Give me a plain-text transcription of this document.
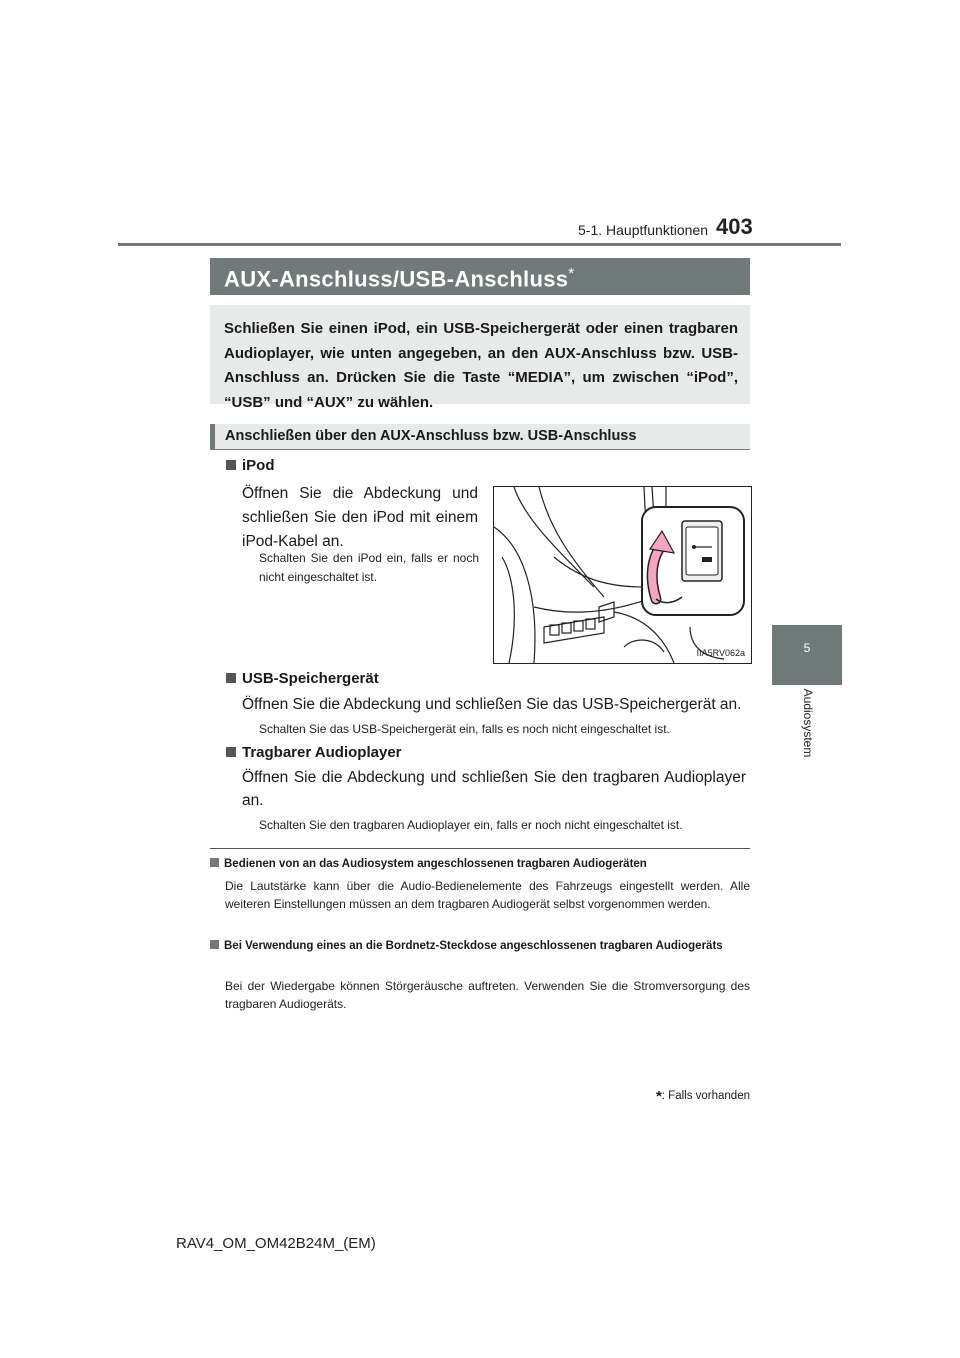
5-1. Hauptfunktionen 403
5
Audiosystem
AUX-Anschluss/USB-Anschluss*

Schließen Sie einen iPod, ein USB-Speichergerät oder einen tragbaren Audioplayer, wie unten angegeben, an den AUX-Anschluss bzw. USB-Anschluss an. Drücken Sie die Taste “MEDIA”, um zwischen “iPod”, “USB” und “AUX” zu wählen.

Anschließen über den AUX-Anschluss bzw. USB-Anschluss
iPod
Öffnen Sie die Abdeckung und schließen Sie den iPod mit einem iPod-Kabel an.
Schalten Sie den iPod ein, falls er noch nicht eingeschaltet ist.
IIA5RV062a
USB-Speichergerät
Öffnen Sie die Abdeckung und schließen Sie das USB-Speichergerät an.
Schalten Sie das USB-Speichergerät ein, falls es noch nicht eingeschaltet ist.
Tragbarer Audioplayer
Öffnen Sie die Abdeckung und schließen Sie den tragbaren Audioplayer an.
Schalten Sie den tragbaren Audioplayer ein, falls er noch nicht eingeschaltet ist.
Bedienen von an das Audiosystem angeschlossenen tragbaren Audiogeräten
Die Lautstärke kann über die Audio-Bedienelemente des Fahrzeugs eingestellt werden. Alle weiteren Einstellungen müssen an dem tragbaren Audiogerät selbst vorgenommen werden.
Bei Verwendung eines an die Bordnetz-Steckdose angeschlossenen tragbaren Audiogeräts
Bei der Wiedergabe können Störgeräusche auftreten. Verwenden Sie die Stromversorgung des tragbaren Audiogeräts.
*: Falls vorhanden
RAV4_OM_OM42B24M_(EM)
